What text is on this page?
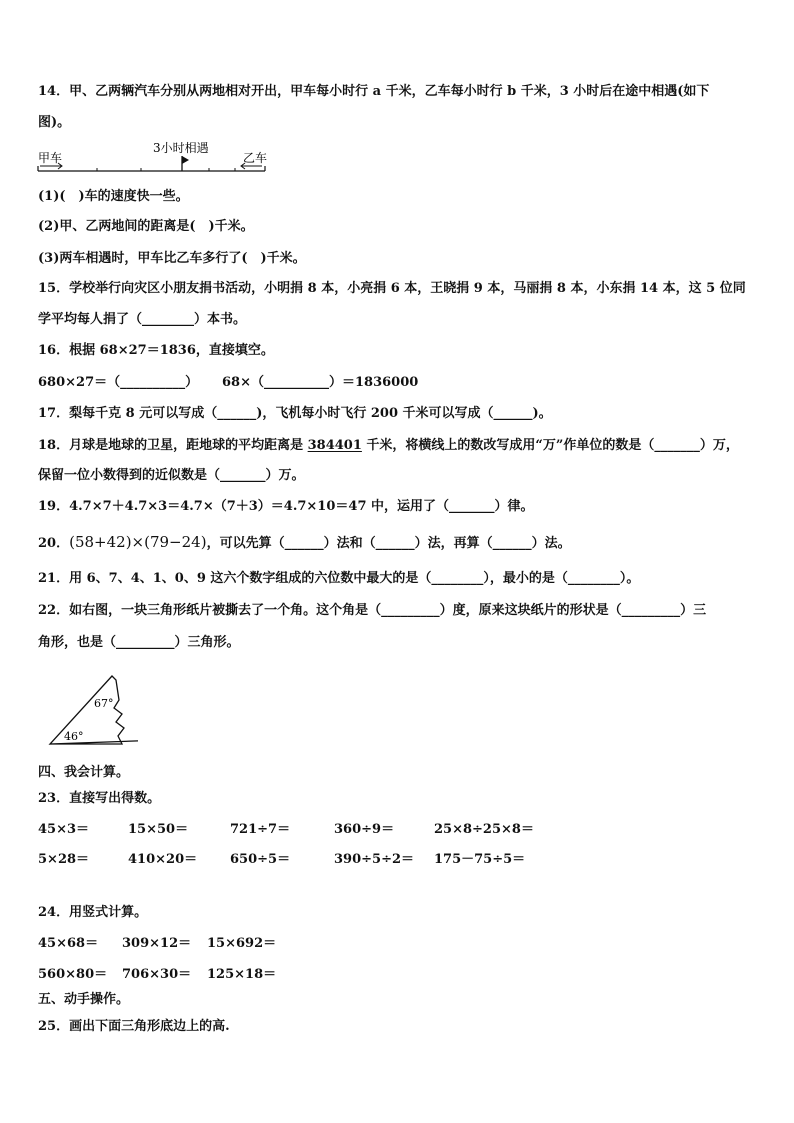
14．甲、乙两辆汽车分别从两地相对开出，甲车每小时行 a 千米，乙车每小时行 b 千米，3 小时后在途中相遇(如下
图)。
甲车
3小时相遇
乙车
(1)(　)车的速度快一些。
(2)甲、乙两地间的距离是(　)千米。
(3)两车相遇时，甲车比乙车多行了(　)千米。
15．学校举行向灾区小朋友捐书活动，小明捐 8 本，小亮捐 6 本，王晓捐 9 本，马丽捐 8 本，小东捐 14 本，这 5 位同
学平均每人捐了（________）本书。
16．根据 68×27＝1836，直接填空。
680×27＝（__________） 68×（__________）＝1836000
17．梨每千克 8 元可以写成（______)，飞机每小时飞行 200 千米可以写成（______)。
18．月球是地球的卫星，距地球的平均距离是 384401 千米，将横线上的数改写成用“万”作单位的数是（_______）万，
保留一位小数得到的近似数是（_______）万。
19．4.7×7＋4.7×3＝4.7×（7＋3）＝4.7×10＝47 中，运用了（_______）律。
20．(58+42)×(79−24)，可以先算（______）法和（______）法，再算（______）法。
21．用 6、7、4、1、0、9 这六个数字组成的六位数中最大的是（________），最小的是（________）。
22．如右图，一块三角形纸片被撕去了一个角。这个角是（_________）度，原来这块纸片的形状是（_________）三
角形，也是（_________）三角形。
67°
46°
四、我会计算。
23．直接写出得数。
45×3＝	15×50＝	721÷7＝	360÷9＝	25×8÷25×8＝
5×28＝	410×20＝	650÷5＝	390÷5÷2＝ 175－75÷5＝
24．用竖式计算。
45×68＝ 309×12＝ 15×692＝
560×80＝ 706×30＝ 125×18＝
五、动手操作。
25．画出下面三角形底边上的高.
